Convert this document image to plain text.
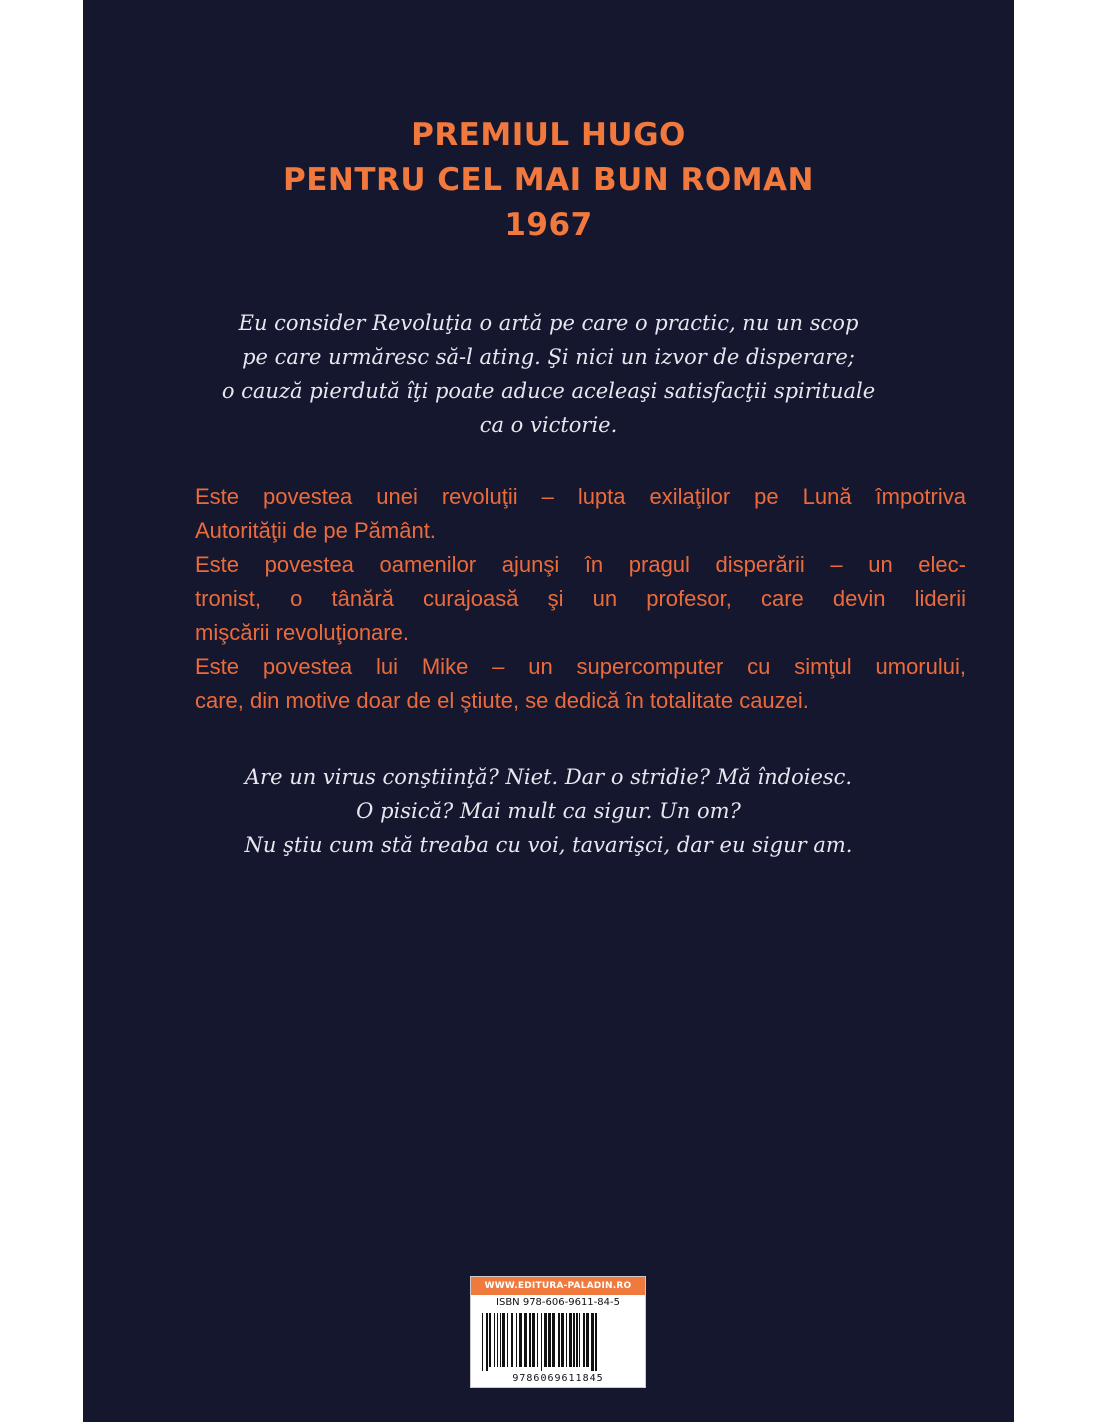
PREMIUL HUGO
PENTRU CEL MAI BUN ROMAN
1967
Eu consider Revoluţia o artă pe care o practic, nu un scop
pe care urmăresc să-l ating. Şi nici un izvor de disperare;
o cauză pierdută îţi poate aduce aceleaşi satisfacţii spirituale
ca o victorie.
Este povestea unei revoluţii – lupta exilaţilor pe Lună împotriva
Autorităţii de pe Pământ.
Este povestea oamenilor ajunşi în pragul disperării – un elec-
tronist, o tânără curajoasă şi un profesor, care devin liderii
mişcării revoluţionare.
Este povestea lui Mike – un supercomputer cu simţul umorului,
care, din motive doar de el ştiute, se dedică în totalitate cauzei.
Are un virus conştiinţă? Niet. Dar o stridie? Mă îndoiesc.
O pisică? Mai mult ca sigur. Un om?
Nu ştiu cum stă treaba cu voi, tavarişci, dar eu sigur am.
WWW.EDITURA-PALADIN.RO
ISBN 978-606-9611-84-5
9786069611845
